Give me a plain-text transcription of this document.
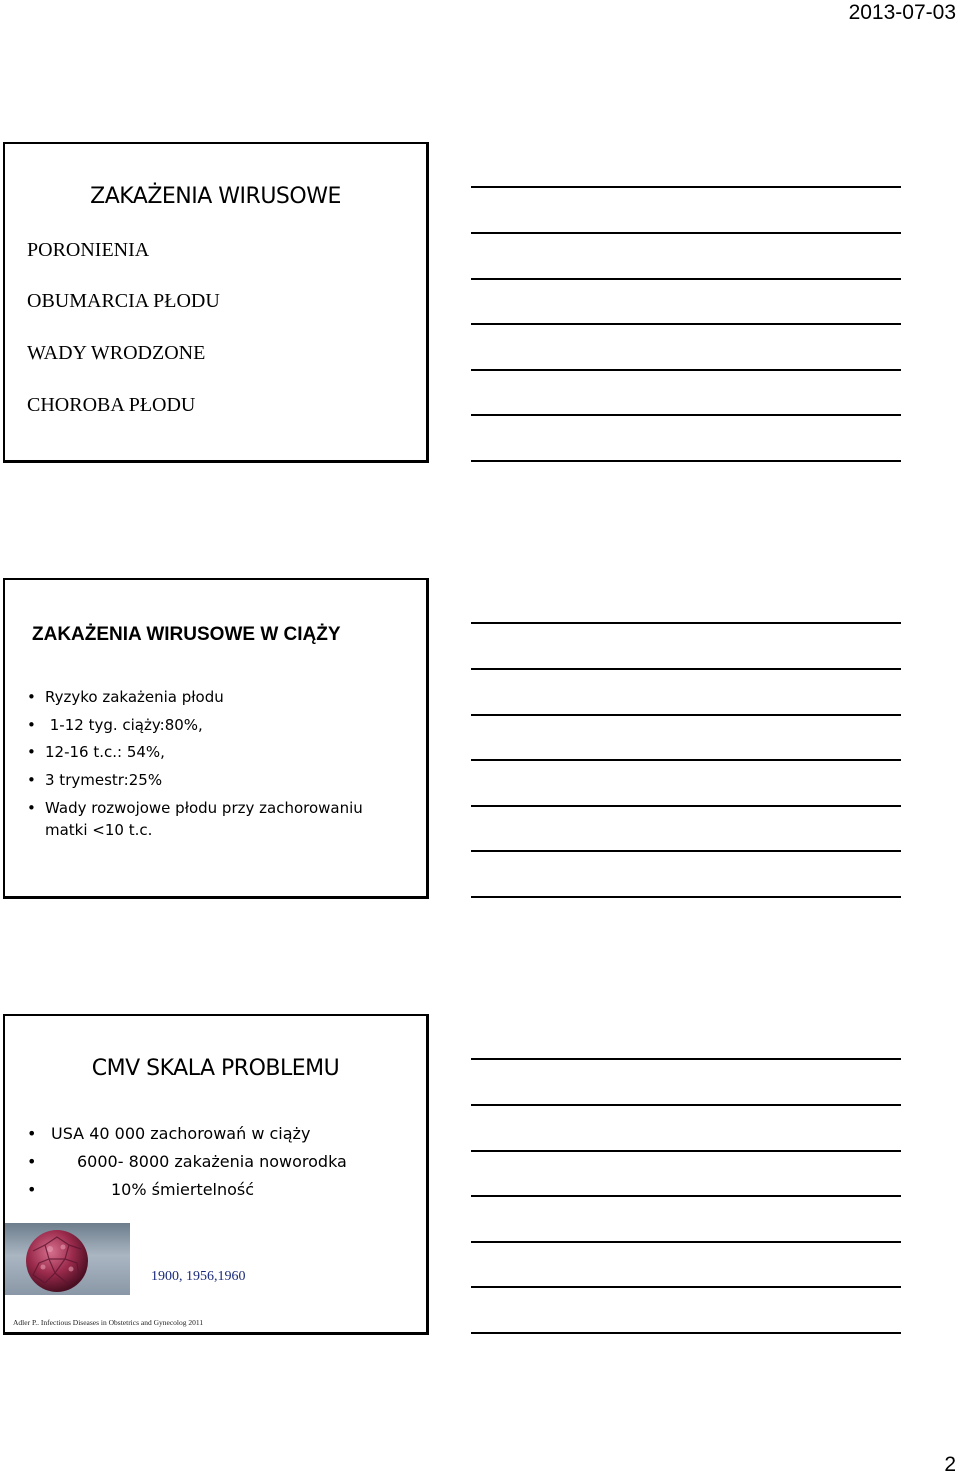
2013-07-03
ZAKAŻENIA WIRUSOWE
PORONIENIA
OBUMARCIA PŁODU
WADY WRODZONE
CHOROBA PŁODU
ZAKAŻENIA WIRUSOWE W CIĄŻY
• Ryzyko zakażenia płodu
• 1-12 tyg. ciąży:80%,
• 12-16 t.c.: 54%,
• 3 trymestr:25%
• Wady rozwojowe płodu przy zachorowaniu
matki <10 t.c.
CMV SKALA PROBLEMU
• USA 40 000 zachorowań w ciąży
•	6000- 8000 zakażenia noworodka
•	10% śmiertelność
1900, 1956,1960
Adler P.. Infectious Diseases in Obstetrics and Gynecolog 2011
2
